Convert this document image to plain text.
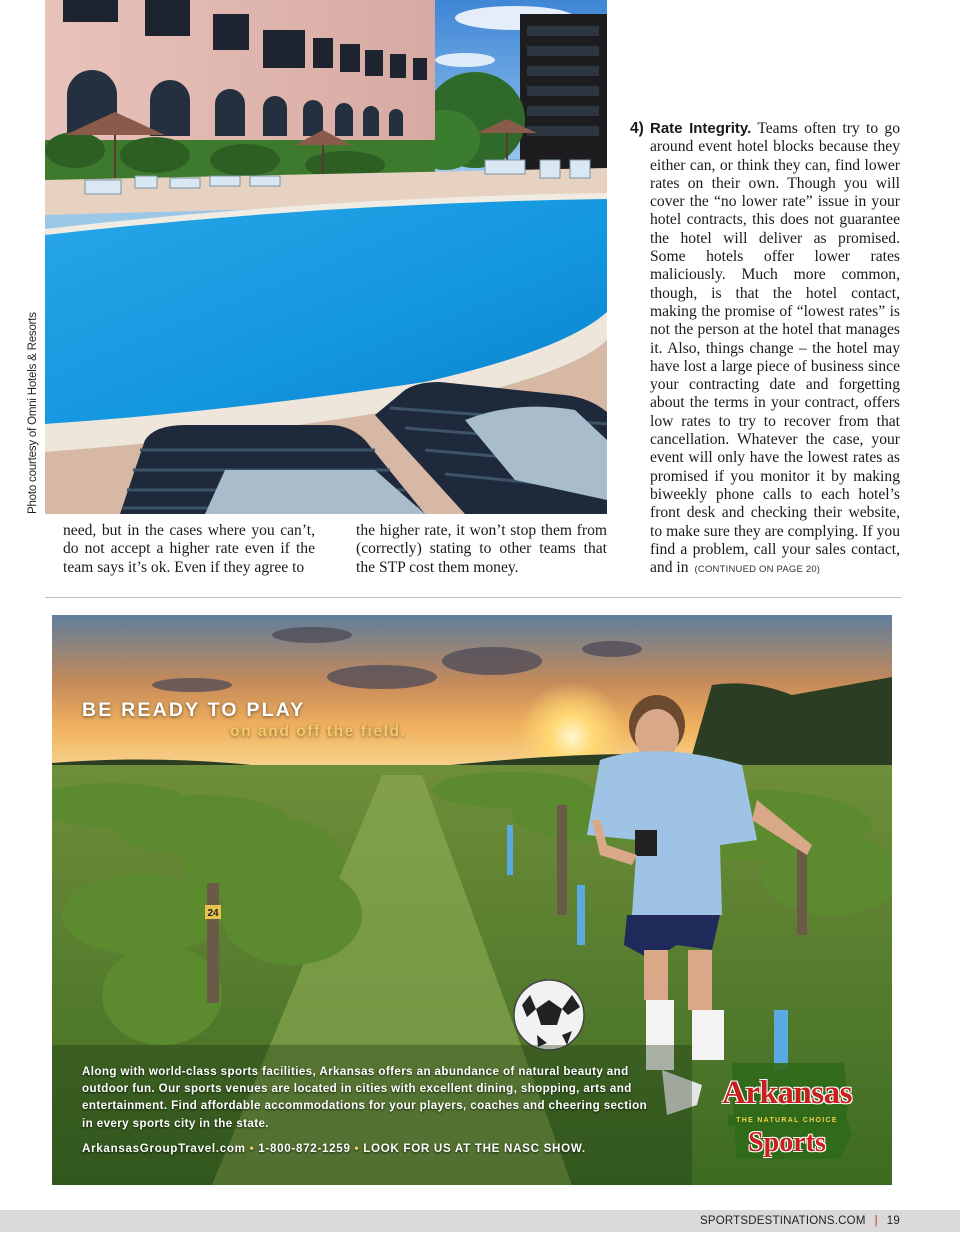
Photo courtesy of Omni Hotels & Resorts

need, but in the cases where you can’t, do not accept a higher rate even if the team says it’s ok. Even if they agree to

the higher rate, it won’t stop them from (correctly) stating to other teams that the STP cost them money.

4) Rate Integrity. Teams often try to go around event hotel blocks because they either can, or think they can, find lower rates on their own. Though you will cover the “no lower rate” issue in your hotel contracts, this does not guarantee the hotel will deliver as promised. Some hotels offer lower rates maliciously. Much more common, though, is that the hotel contact, making the promise of “lowest rates” is not the person at the hotel that manages it. Also, things change – the hotel may have lost a large piece of business since your contracting date and forgetting about the terms in your contract, offers low rates to try to recover from that cancellation. Whatever the case, your event will only have the lowest rates as promised if you monitor it by making biweekly phone calls to each hotel’s front desk and checking their website, to make sure they are complying. If you find a problem, call your sales contact, and in (CONTINUED ON PAGE 20)

24
BE READY TO PLAY
on and off the field.

Along with world-class sports facilities, Arkansas offers an abundance of natural beauty and outdoor fun. Our sports venues are located in cities with excellent dining, shopping, arts and entertainment. Find affordable accommodations for your players, coaches and cheering section in every sports city in the state.

ArkansasGroupTravel.com • 1-800-872-1259 • LOOK FOR US AT THE NASC SHOW.
Arkansas
THE NATURAL CHOICE
Sports
SPORTSDESTINATIONS.COM | 19
